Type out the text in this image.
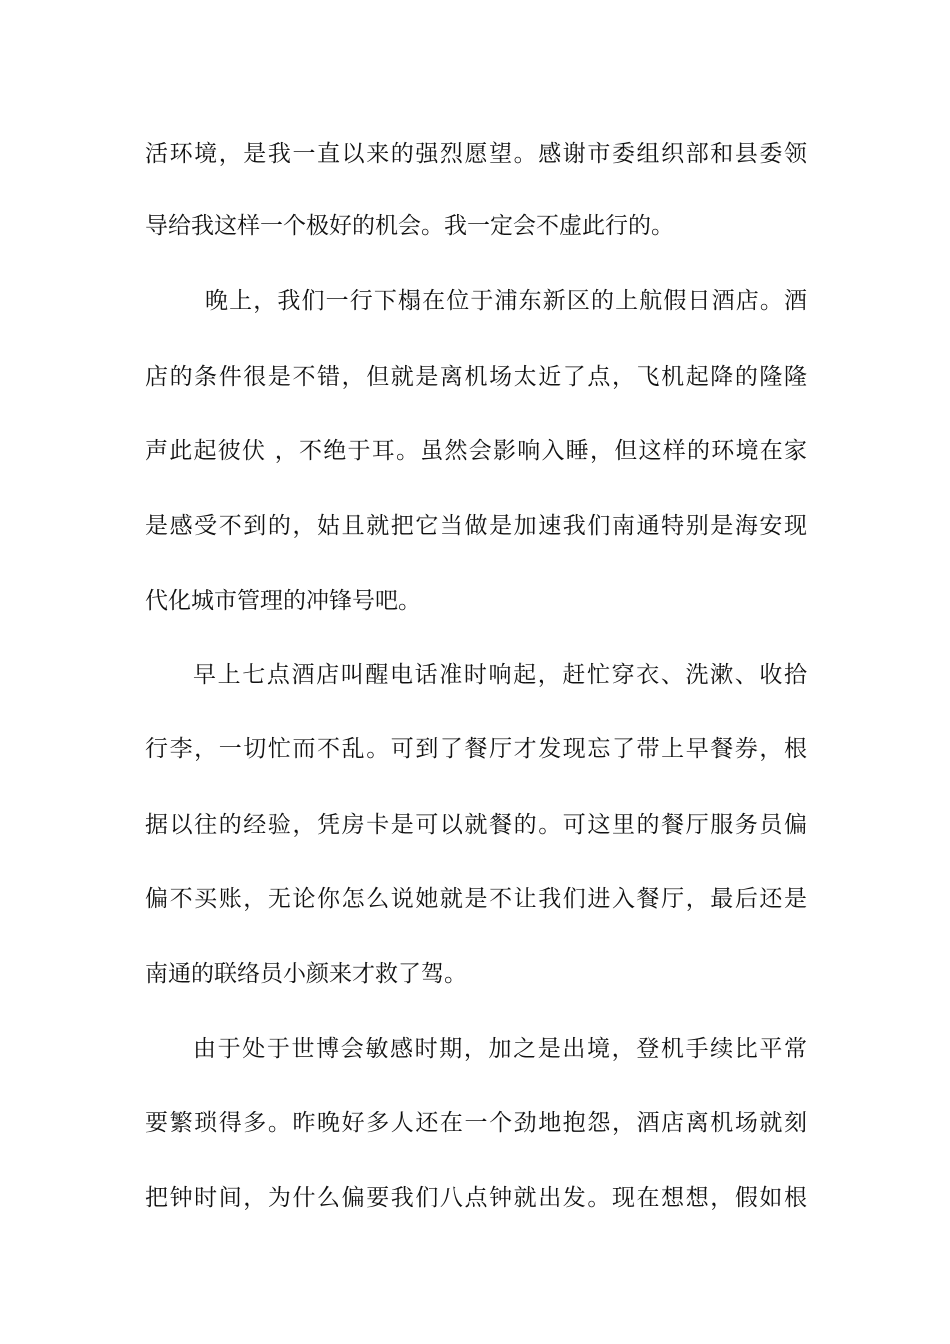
活环境，是我一直以来的强烈愿望。感谢市委组织部和县委领
导给我这样一个极好的机会。我一定会不虚此行的。
晚上，我们一行下榻在位于浦东新区的上航假日酒店。酒
店的条件很是不错，但就是离机场太近了点，飞机起降的隆隆
声此起彼伏 ，不绝于耳。虽然会影响入睡，但这样的环境在家
是感受不到的，姑且就把它当做是加速我们南通特别是海安现
代化城市管理的冲锋号吧。
早上七点酒店叫醒电话准时响起，赶忙穿衣、洗漱、收拾
行李，一切忙而不乱。可到了餐厅才发现忘了带上早餐券，根
据以往的经验，凭房卡是可以就餐的。可这里的餐厅服务员偏
偏不买账，无论你怎么说她就是不让我们进入餐厅，最后还是
南通的联络员小颜来才救了驾。
由于处于世博会敏感时期，加之是出境，登机手续比平常
要繁琐得多。昨晚好多人还在一个劲地抱怨，酒店离机场就刻
把钟时间，为什么偏要我们八点钟就出发。现在想想，假如根
